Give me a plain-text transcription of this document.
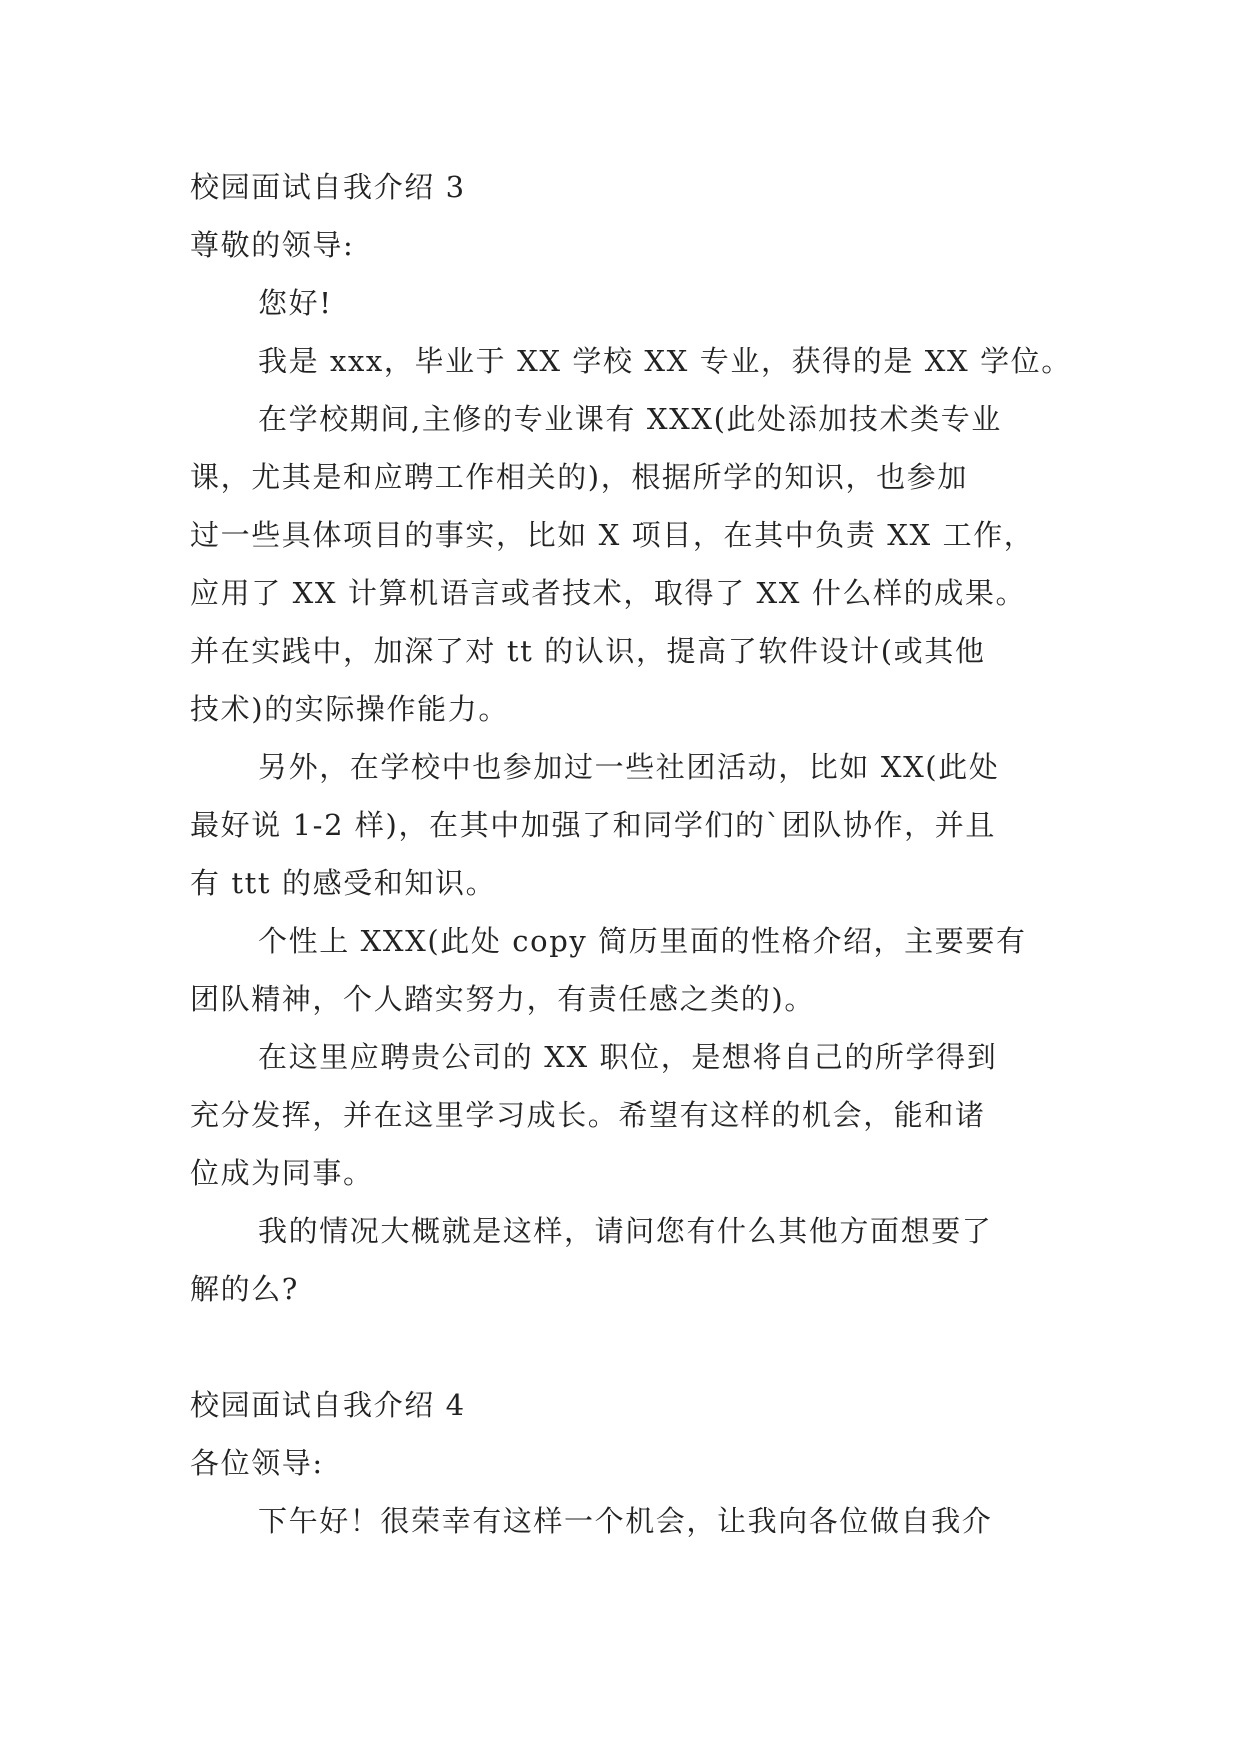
校园面试自我介绍 3
尊敬的领导:
您好!
我是 xxx，毕业于 XX 学校 XX 专业，获得的是 XX 学位。
在学校期间,主修的专业课有 XXX(此处添加技术类专业
课，尤其是和应聘工作相关的)，根据所学的知识，也参加
过一些具体项目的事实，比如 X 项目，在其中负责 XX 工作，
应用了 XX 计算机语言或者技术，取得了 XX 什么样的成果。
并在实践中，加深了对 tt 的认识，提高了软件设计(或其他
技术)的实际操作能力。
另外，在学校中也参加过一些社团活动，比如 XX(此处
最好说 1-2 样)，在其中加强了和同学们的`团队协作，并且
有 ttt 的感受和知识。
个性上 XXX(此处 copy 简历里面的性格介绍，主要要有
团队精神，个人踏实努力，有责任感之类的)。
在这里应聘贵公司的 XX 职位，是想将自己的所学得到
充分发挥，并在这里学习成长。希望有这样的机会，能和诸
位成为同事。
我的情况大概就是这样，请问您有什么其他方面想要了
解的么?
校园面试自我介绍 4
各位领导:
下午好！很荣幸有这样一个机会，让我向各位做自我介
